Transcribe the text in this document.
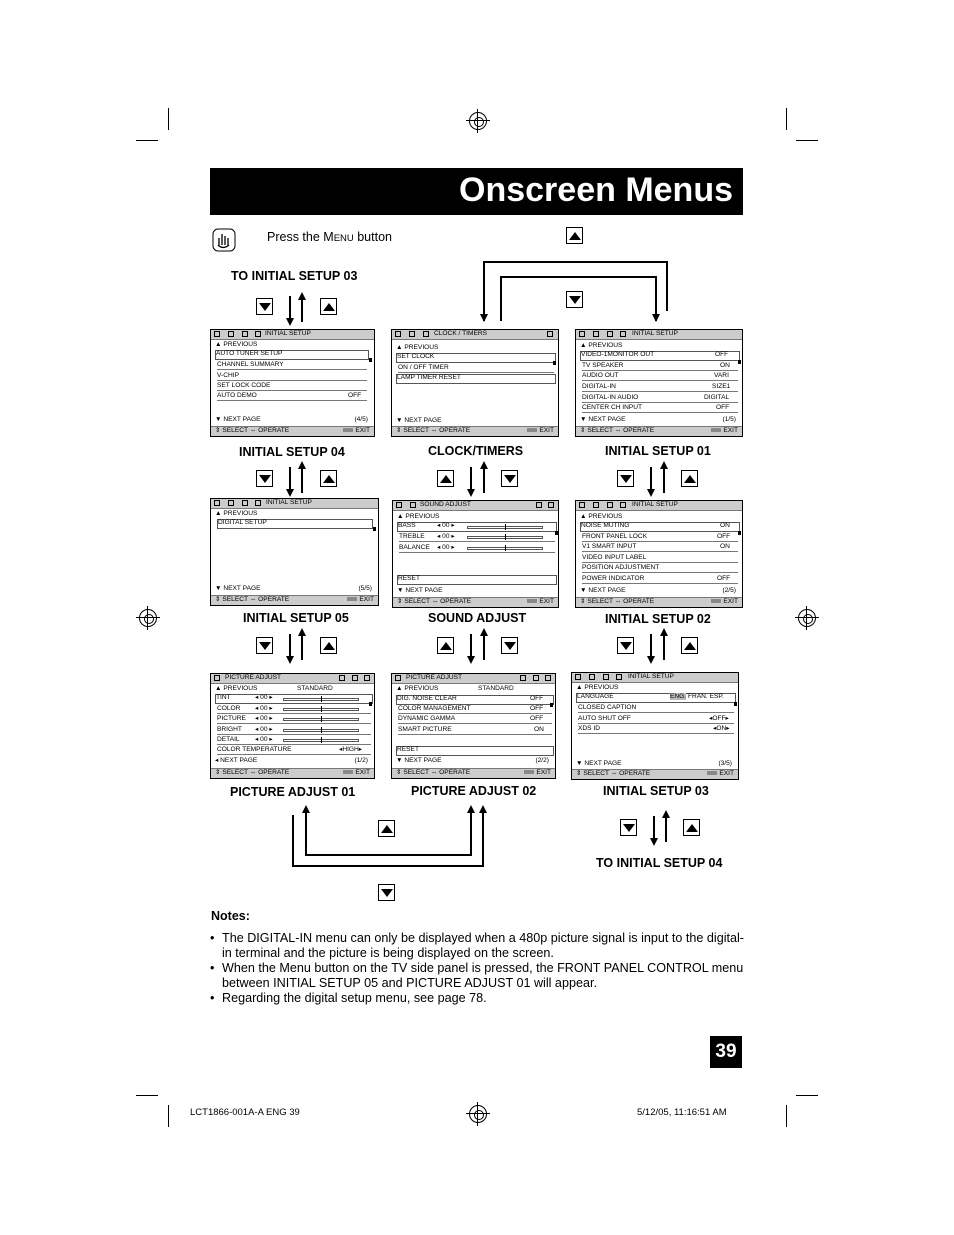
Onscreen Menus
Press the MENU button
TO INITIAL SETUP 03
INITIAL SETUP
▲ PREVIOUS
AUTO TUNER SETUP
CHANNEL SUMMARY
V-CHIP
SET LOCK CODE
AUTO DEMO	OFF
▼ NEXT PAGE	(4/5)
⇕ SELECT ⇔ OPERATE	EXIT
CLOCK / TIMERS
▲ PREVIOUS
SET CLOCK
ON / OFF TIMER
LAMP TIMER RESET
▼ NEXT PAGE
⇕ SELECT ⇔ OPERATE	EXIT
INITIAL SETUP
▲ PREVIOUS
VIDEO-1MONITOR OUT	OFF
TV SPEAKER	ON
AUDIO OUT	VARI
DIGITAL-IN	SIZE1
DIGITAL-IN AUDIO	DIGITAL
CENTER CH INPUT	OFF
▼ NEXT PAGE	(1/5)
⇕ SELECT ⇔ OPERATE	EXIT
INITIAL SETUP 04	CLOCK/TIMERS	INITIAL SETUP 01
INITIAL SETUP
▲ PREVIOUS
DIGITAL SETUP
▼ NEXT PAGE	(5/5)
⇕ SELECT ⇔ OPERATE	EXIT
SOUND ADJUST
▲ PREVIOUS
BASS	◂ 00 ▸
TREBLE	◂ 00 ▸
BALANCE	◂ 00 ▸
RESET
▼ NEXT PAGE
⇕ SELECT ⇔ OPERATE	EXIT
INITIAL SETUP
▲ PREVIOUS
NOISE MUTING	ON
FRONT PANEL LOCK	OFF
V1 SMART INPUT	ON
VIDEO INPUT LABEL
POSITION ADJUSTMENT
POWER INDICATOR	OFF
▼ NEXT PAGE	(2/5)
⇕ SELECT ⇔ OPERATE	EXIT
INITIAL SETUP 05	SOUND ADJUST	INITIAL SETUP 02
PICTURE ADJUST
▲ PREVIOUS	STANDARD
TINT	◂ 00 ▸
COLOR	◂ 00 ▸
PICTURE	◂ 00 ▸
BRIGHT	◂ 00 ▸
DETAIL	◂ 00 ▸
COLOR TEMPERATURE	◂HIGH▸
◂ NEXT PAGE	(1/2)
⇕ SELECT ⇔ OPERATE	EXIT
PICTURE ADJUST
▲ PREVIOUS	STANDARD
DIG. NOISE CLEAR	OFF
COLOR MANAGEMENT	OFF
DYNAMIC GAMMA	OFF
SMART PICTURE	ON
RESET
▼ NEXT PAGE	(2/2)
⇕ SELECT ⇔ OPERATE	EXIT
INITIAL SETUP
▲ PREVIOUS
LANGUAGE	ENG. FRAN. ESP.
CLOSED CAPTION
AUTO SHUT OFF	◂OFF▸
XDS ID	◂ON▸
▼ NEXT PAGE	(3/5)
⇕ SELECT ⇔ OPERATE	EXIT
PICTURE ADJUST 01	PICTURE ADJUST 02	INITIAL SETUP 03
TO INITIAL SETUP 04
Notes:
• The DIGITAL-IN menu can only be displayed when a 480p picture signal is input to the digital-in terminal and the picture is being displayed on the screen.
• When the Menu button on the TV side panel is pressed, the FRONT PANEL CONTROL menu between INITIAL SETUP 05 and PICTURE ADJUST 01 will appear.
• Regarding the digital setup menu, see page 78.
39
LCT1866-001A-A ENG 39	5/12/05, 11:16:51 AM
